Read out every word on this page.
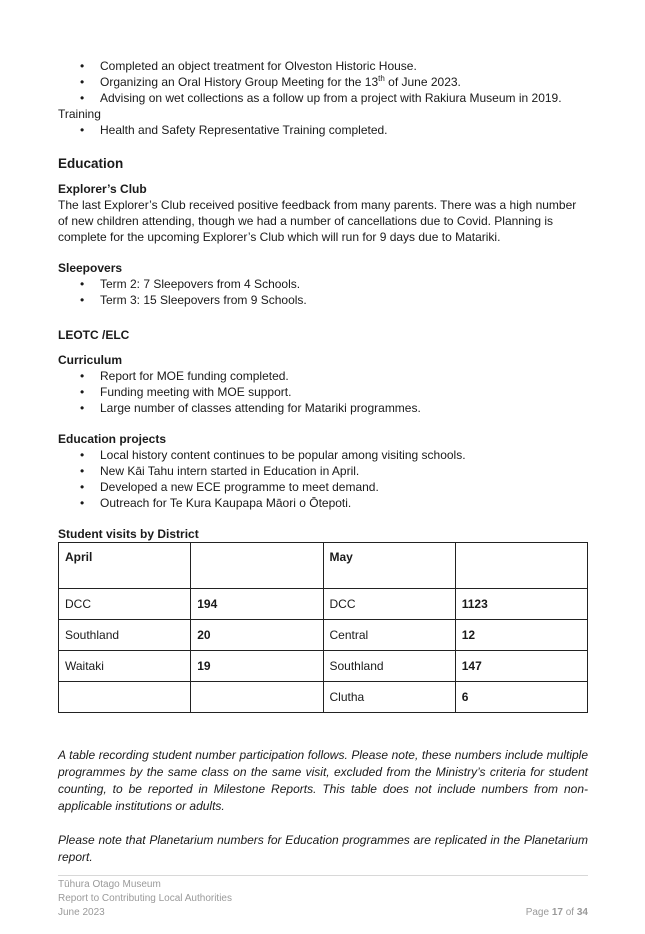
• Completed an object treatment for Olveston Historic House.
• Organizing an Oral History Group Meeting for the 13th of June 2023.
• Advising on wet collections as a follow up from a project with Rakiura Museum in 2019.
Training
• Health and Safety Representative Training completed.
Education
Explorer’s Club

The last Explorer’s Club received positive feedback from many parents. There was a high number of new children attending, though we had a number of cancellations due to Covid. Planning is complete for the upcoming Explorer’s Club which will run for 9 days due to Matariki.

Sleepovers
• Term 2: 7 Sleepovers from 4 Schools.
• Term 3: 15 Sleepovers from 9 Schools.
LEOTC /ELC
Curriculum
• Report for MOE funding completed.
• Funding meeting with MOE support.
• Large number of classes attending for Matariki programmes.
Education projects
• Local history content continues to be popular among visiting schools.
• New Kāi Tahu intern started in Education in April.
• Developed a new ECE programme to meet demand.
• Outreach for Te Kura Kaupapa Māori o Ōtepoti.
Student visits by District
April		May	
DCC	194	DCC	1123
Southland	20	Central	12
Waitaki	19	Southland	147
		Clutha	6

A table recording student number participation follows. Please note, these numbers include multiple programmes by the same class on the same visit, excluded from the Ministry’s criteria for student counting, to be reported in Milestone Reports. This table does not include numbers from non-applicable institutions or adults.

Please note that Planetarium numbers for Education programmes are replicated in the Planetarium report.

Tūhura Otago Museum
Report to Contributing Local Authorities
June 2023	Page 17 of 34
